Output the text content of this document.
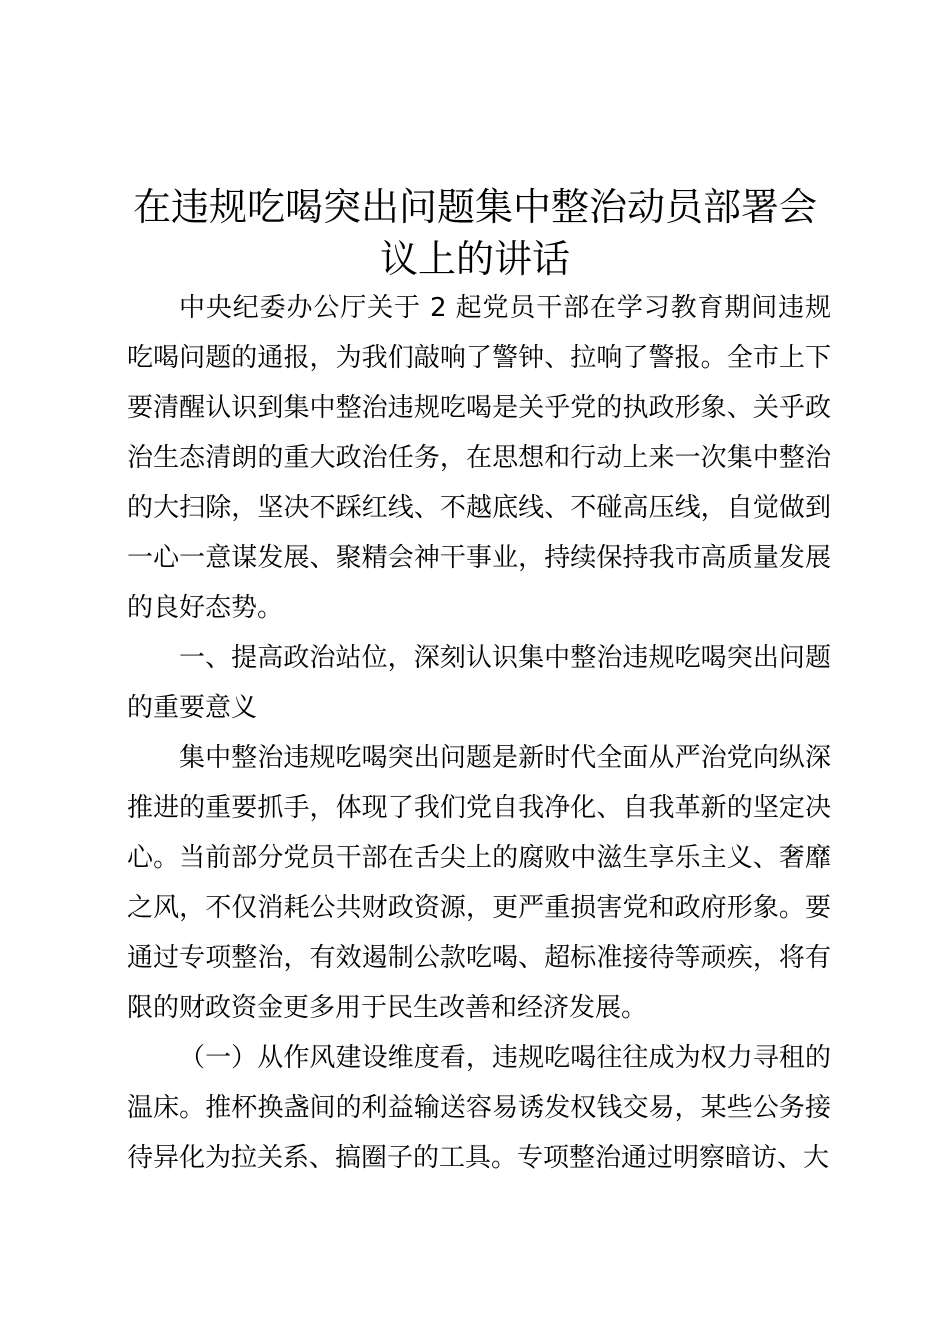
在违规吃喝突出问题集中整治动员部署会议上的讲话

中央纪委办公厅关于 2 起党员干部在学习教育期间违规吃喝问题的通报，为我们敲响了警钟、拉响了警报。全市上下要清醒认识到集中整治违规吃喝是关乎党的执政形象、关乎政治生态清朗的重大政治任务，在思想和行动上来一次集中整治的大扫除，坚决不踩红线、不越底线、不碰高压线，自觉做到一心一意谋发展、聚精会神干事业，持续保持我市高质量发展的良好态势。

一、提高政治站位，深刻认识集中整治违规吃喝突出问题的重要意义

集中整治违规吃喝突出问题是新时代全面从严治党向纵深推进的重要抓手，体现了我们党自我净化、自我革新的坚定决心。当前部分党员干部在舌尖上的腐败中滋生享乐主义、奢靡之风，不仅消耗公共财政资源，更严重损害党和政府形象。要通过专项整治，有效遏制公款吃喝、超标准接待等顽疾，将有限的财政资金更多用于民生改善和经济发展。

（一）从作风建设维度看，违规吃喝往往成为权力寻租的温床。推杯换盏间的利益输送容易诱发权钱交易，某些公务接待异化为拉关系、搞圈子的工具。专项整治通过明察暗访、大
